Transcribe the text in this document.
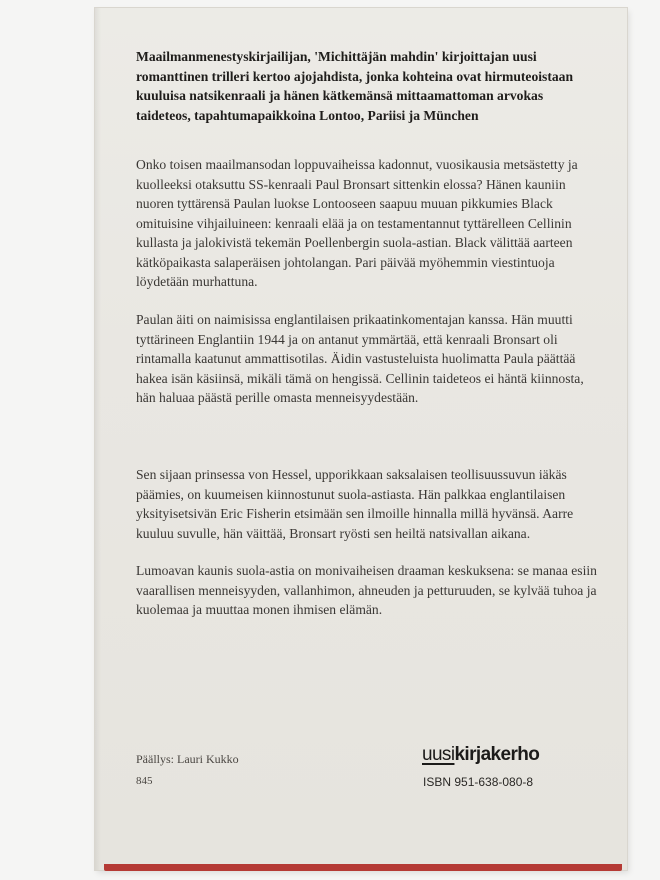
Maailmanmenestyskirjailijan, 'Michittäjän mahdin' kirjoittajan uusi romanttinen trilleri kertoo ajojahdista, jonka kohteina ovat hirmuteoistaan kuuluisa natsikenraali ja hänen kätkemänsä mittaamattoman arvokas taideteos, tapahtumapaikkoina Lontoo, Pariisi ja München

Onko toisen maailmansodan loppuvaiheissa kadonnut, vuosikausia metsästetty ja kuolleeksi otaksuttu SS-kenraali Paul Bronsart sittenkin elossa? Hänen kauniin nuoren tyttärensä Paulan luokse Lontooseen saapuu muuan pikkumies Black omituisine vihjailuineen: kenraali elää ja on testamentannut tyttärelleen Cellinin kullasta ja jalokivistä tekemän Poellenbergin suola-astian. Black välittää aarteen kätköpaikasta salaperäisen johtolangan. Pari päivää myöhemmin viestintuoja löydetään murhattuna.

Paulan äiti on naimisissa englantilaisen prikaatinkomentajan kanssa. Hän muutti tyttärineen Englantiin 1944 ja on antanut ymmärtää, että kenraali Bronsart oli rintamalla kaatunut ammattisotilas. Äidin vastusteluista huolimatta Paula päättää hakea isän käsiinsä, mikäli tämä on hengissä. Cellinin taideteos ei häntä kiinnosta, hän haluaa päästä perille omasta menneisyydestään.

Sen sijaan prinsessa von Hessel, upporikkaan saksalaisen teollisuussuvun iäkäs päämies, on kuumeisen kiinnostunut suola-astiasta. Hän palkkaa englantilaisen yksityisetsivän Eric Fisherin etsimään sen ilmoille hinnalla millä hyvänsä. Aarre kuuluu suvulle, hän väittää, Bronsart ryösti sen heiltä natsivallan aikana.

Lumoavan kaunis suola-astia on monivaiheisen draaman keskuksena: se manaa esiin vaarallisen menneisyyden, vallanhimon, ahneuden ja petturuuden, se kylvää tuhoa ja kuolemaa ja muuttaa monen ihmisen elämän.

Päällys: Lauri Kukko
845
uusikirjakerho
ISBN 951-638-080-8
